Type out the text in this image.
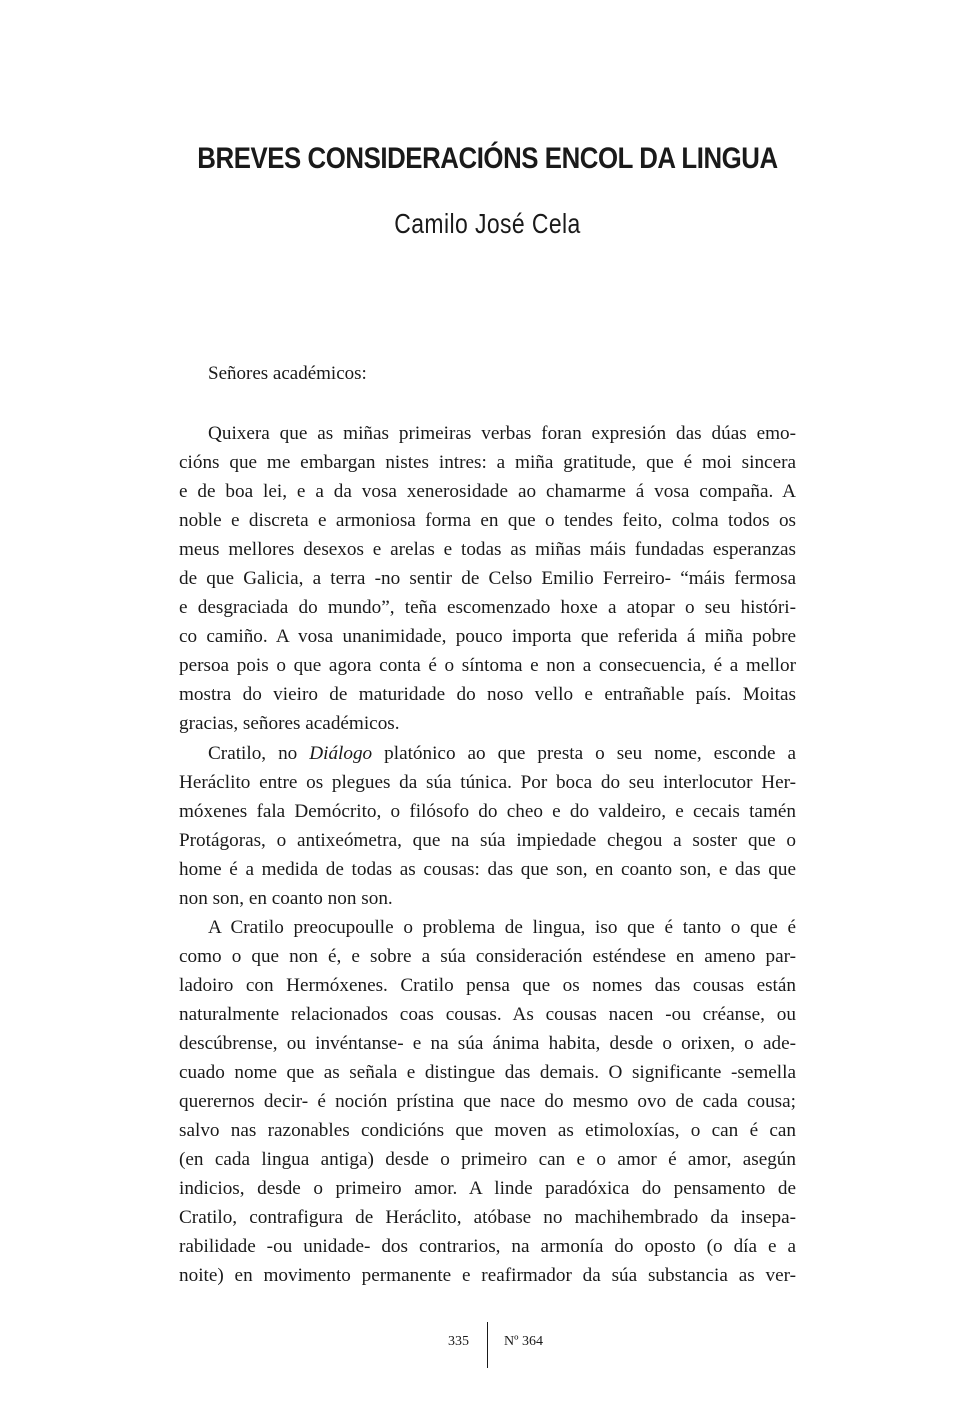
BREVES CONSIDERACIÓNS ENCOL DA LINGUA
Camilo José Cela
Señores académicos:

Quixera que as miñas primeiras verbas foran expresión das dúas emo-
cións que me embargan nistes intres: a miña gratitude, que é moi sincera
e de boa lei, e a da vosa xenerosidade ao chamarme á vosa compaña. A
noble e discreta e armoniosa forma en que o tendes feito, colma todos os
meus mellores desexos e arelas e todas as miñas máis fundadas esperanzas
de que Galicia, a terra -no sentir de Celso Emilio Ferreiro- “máis fermosa
e desgraciada do mundo”, teña escomenzado hoxe a atopar o seu históri-
co camiño. A vosa unanimidade, pouco importa que referida á miña pobre
persoa pois o que agora conta é o síntoma e non a consecuencia, é a mellor
mostra do vieiro de maturidade do noso vello e entrañable país. Moitas
gracias, señores académicos.

Cratilo, no Diálogo platónico ao que presta o seu nome, esconde a
Heráclito entre os plegues da súa túnica. Por boca do seu interlocutor Her-
móxenes fala Demócrito, o filósofo do cheo e do valdeiro, e cecais tamén
Protágoras, o antixeómetra, que na súa impiedade chegou a soster que o
home é a medida de todas as cousas: das que son, en coanto son, e das que
non son, en coanto non son.

A Cratilo preocupoulle o problema de lingua, iso que é tanto o que é
como o que non é, e sobre a súa consideración esténdese en ameno par-
ladoiro con Hermóxenes. Cratilo pensa que os nomes das cousas están
naturalmente relacionados coas cousas. As cousas nacen -ou créanse, ou
descúbrense, ou invéntanse- e na súa ánima habita, desde o orixen, o ade-
cuado nome que as señala e distingue das demais. O significante -semella
querernos decir- é noción prístina que nace do mesmo ovo de cada cousa;
salvo nas razonables condicións que moven as etimoloxías, o can é can
(en cada lingua antiga) desde o primeiro can e o amor é amor, asegún
indicios, desde o primeiro amor. A linde paradóxica do pensamento de
Cratilo, contrafigura de Heráclito, atóbase no machihembrado da insepa-
rabilidade -ou unidade- dos contrarios, na armonía do oposto (o día e a
noite) en movimento permanente e reafirmador da súa substancia as ver-

335	Nº 364
